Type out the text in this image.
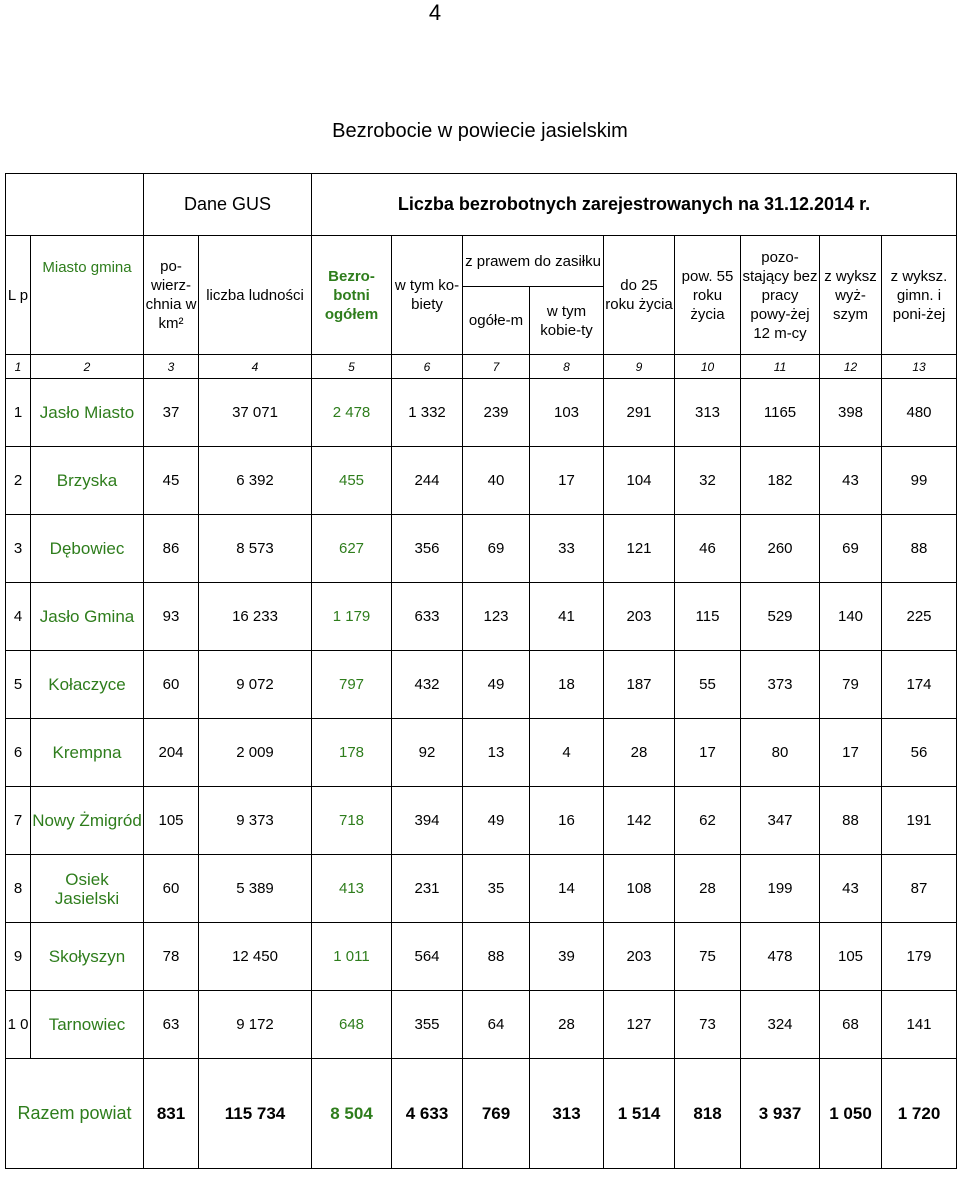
4
Bezrobocie w powiecie jasielskim
		Dane GUS		Liczba bezrobotnych zarejestrowanych na 31.12.2014 r.								
L p	Miasto gmina	po-wierz-chnia w km²	liczba ludności	Bezro-botni ogółem	w tym ko-biety	z prawem do zasiłku		do 25 roku życia	pow. 55 roku życia	pozo-stający bez pracy powy-żej 12 m-cy	z wyksz wyż-szym	z wyksz. gimn. i poni-żej
						ogółe-m	w tym kobie-ty					
1	2	3	4	5	6	7	8	9	10	11	12	13
1	Jasło Miasto	37	37 071	2 478	1 332	239	103	291	313	1165	398	480
2	Brzyska	45	6 392	455	244	40	17	104	32	182	43	99
3	Dębowiec	86	8 573	627	356	69	33	121	46	260	69	88
4	Jasło Gmina	93	16 233	1 179	633	123	41	203	115	529	140	225
5	Kołaczyce	60	9 072	797	432	49	18	187	55	373	79	174
6	Krempna	204	2 009	178	92	13	4	28	17	80	17	56
7	Nowy Żmigród	105	9 373	718	394	49	16	142	62	347	88	191
8	Osiek Jasielski	60	5 389	413	231	35	14	108	28	199	43	87
9	Skołyszyn	78	12 450	1 011	564	88	39	203	75	478	105	179
1 0	Tarnowiec	63	9 172	648	355	64	28	127	73	324	68	141
Razem powiat		831	115 734	8 504	4 633	769	313	1 514	818	3 937	1 050	1 720
